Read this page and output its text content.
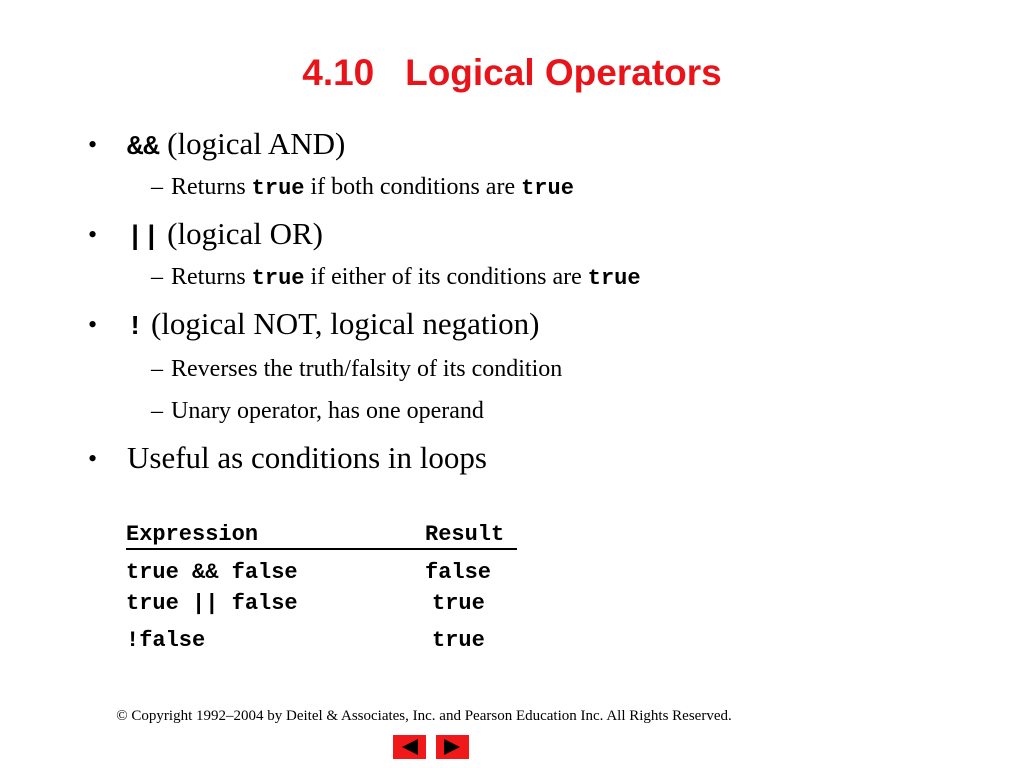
4.10   Logical Operators
• && (logical AND)
– Returns true if both conditions are true
• || (logical OR)
– Returns true if either of its conditions are true
• ! (logical NOT, logical negation)
– Reverses the truth/falsity of its condition
– Unary operator, has one operand
• Useful as conditions in loops
Expression	Result
true && false	false
true || false	true
!false	true
© Copyright 1992–2004 by Deitel & Associates, Inc. and Pearson Education Inc. All Rights Reserved.
